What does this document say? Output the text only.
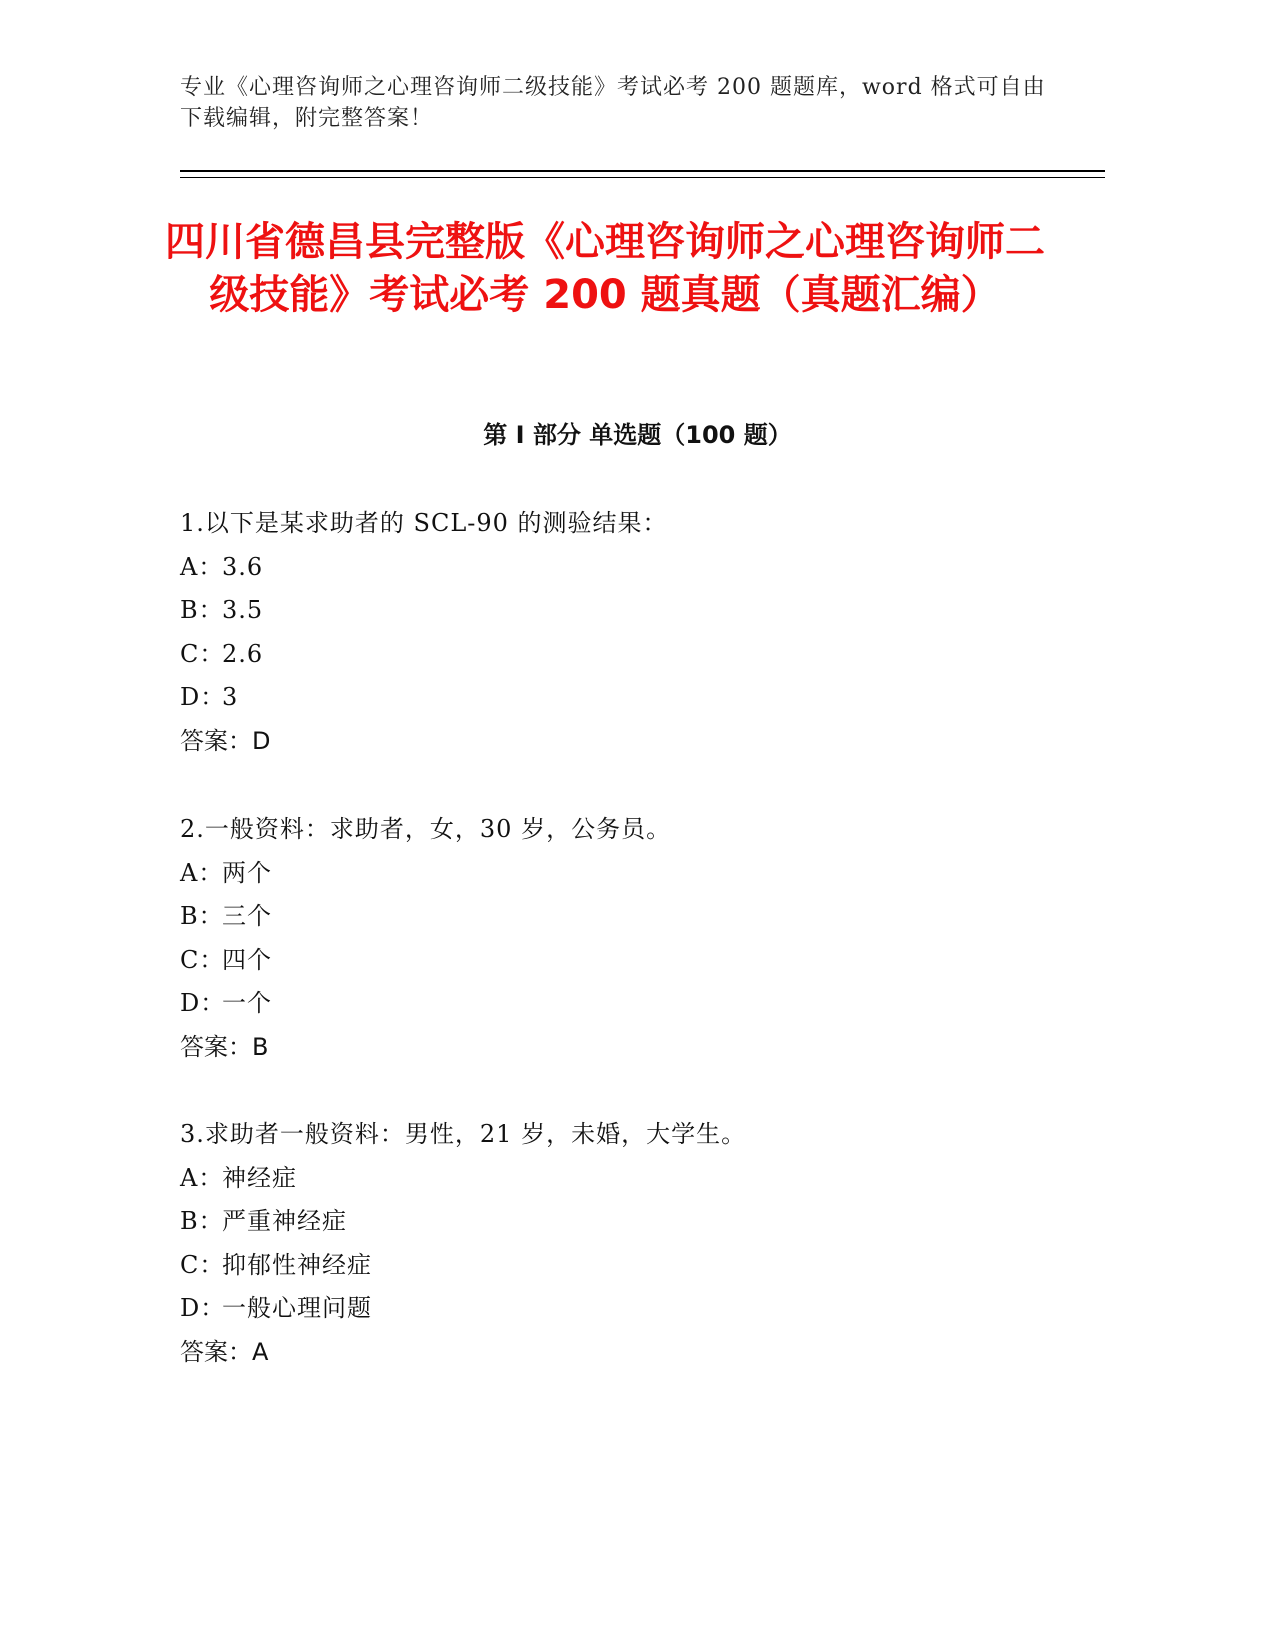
专业《心理咨询师之心理咨询师二级技能》考试必考 200 题题库，word 格式可自由下载编辑，附完整答案！
四川省德昌县完整版《心理咨询师之心理咨询师二级技能》考试必考 200 题真题（真题汇编）
第 I 部分 单选题（100 题）
1.以下是某求助者的 SCL-90 的测验结果：
A：3.6
B：3.5
C：2.6
D：3
答案：D
2.一般资料：求助者，女，30 岁，公务员。
A：两个
B：三个
C：四个
D：一个
答案：B
3.求助者一般资料：男性，21 岁，未婚，大学生。
A：神经症
B：严重神经症
C：抑郁性神经症
D：一般心理问题
答案：A
